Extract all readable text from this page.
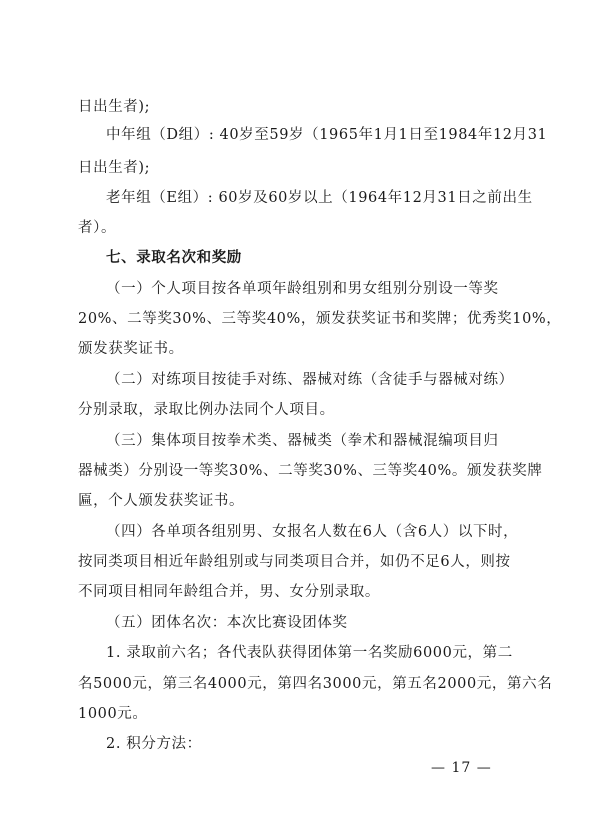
日出生者);
中年组（D组）: 40岁至59岁（1965年1月1日至1984年12月31
日出生者);
老年组（E组）: 60岁及60岁以上（1964年12月31日之前出生
者）。
七、录取名次和奖励
（一）个人项目按各单项年龄组别和男女组别分别设一等奖
20%、二等奖30%、三等奖40%，颁发获奖证书和奖牌；优秀奖10%，
颁发获奖证书。
（二）对练项目按徒手对练、器械对练（含徒手与器械对练）
分别录取，录取比例办法同个人项目。
（三）集体项目按拳术类、器械类（拳术和器械混编项目归
器械类）分别设一等奖30%、二等奖30%、三等奖40%。颁发获奖牌
匾，个人颁发获奖证书。
（四）各单项各组别男、女报名人数在6人（含6人）以下时，
按同类项目相近年龄组别或与同类项目合并，如仍不足6人，则按
不同项目相同年龄组合并，男、女分别录取。
（五）团体名次：本次比赛设团体奖
1. 录取前六名；各代表队获得团体第一名奖励6000元，第二
名5000元，第三名4000元，第四名3000元，第五名2000元，第六名
1000元。
2. 积分方法：
— 17 —
